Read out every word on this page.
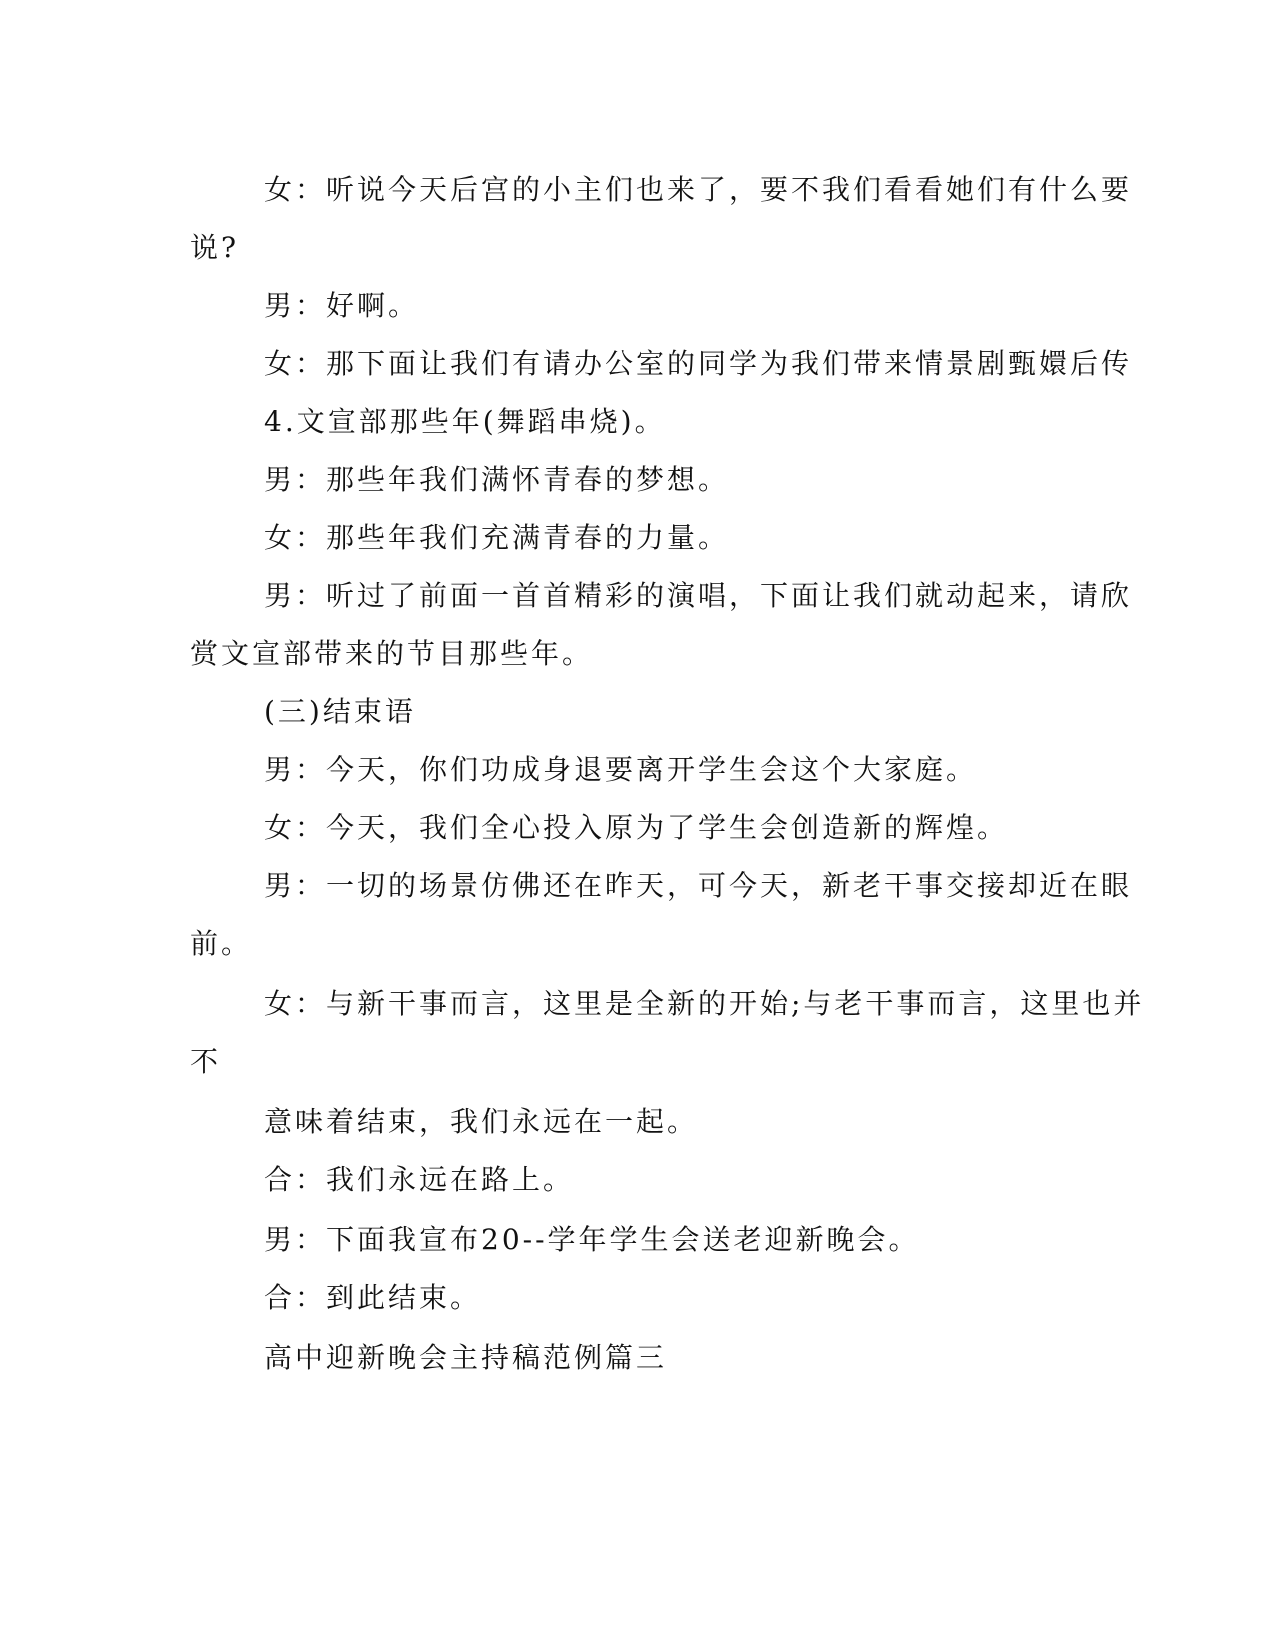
女：听说今天后宫的小主们也来了，要不我们看看她们有什么要

说?

男：好啊。

女：那下面让我们有请办公室的同学为我们带来情景剧甄嬛后传

4.文宣部那些年(舞蹈串烧)。

男：那些年我们满怀青春的梦想。

女：那些年我们充满青春的力量。

男：听过了前面一首首精彩的演唱，下面让我们就动起来，请欣

赏文宣部带来的节目那些年。

(三)结束语

男：今天，你们功成身退要离开学生会这个大家庭。

女：今天，我们全心投入原为了学生会创造新的辉煌。

男：一切的场景仿佛还在昨天，可今天，新老干事交接却近在眼

前。

女：与新干事而言，这里是全新的开始;与老干事而言，这里也并

不

意味着结束，我们永远在一起。

合：我们永远在路上。

男：下面我宣布20--学年学生会送老迎新晚会。

合：到此结束。

高中迎新晚会主持稿范例篇三
